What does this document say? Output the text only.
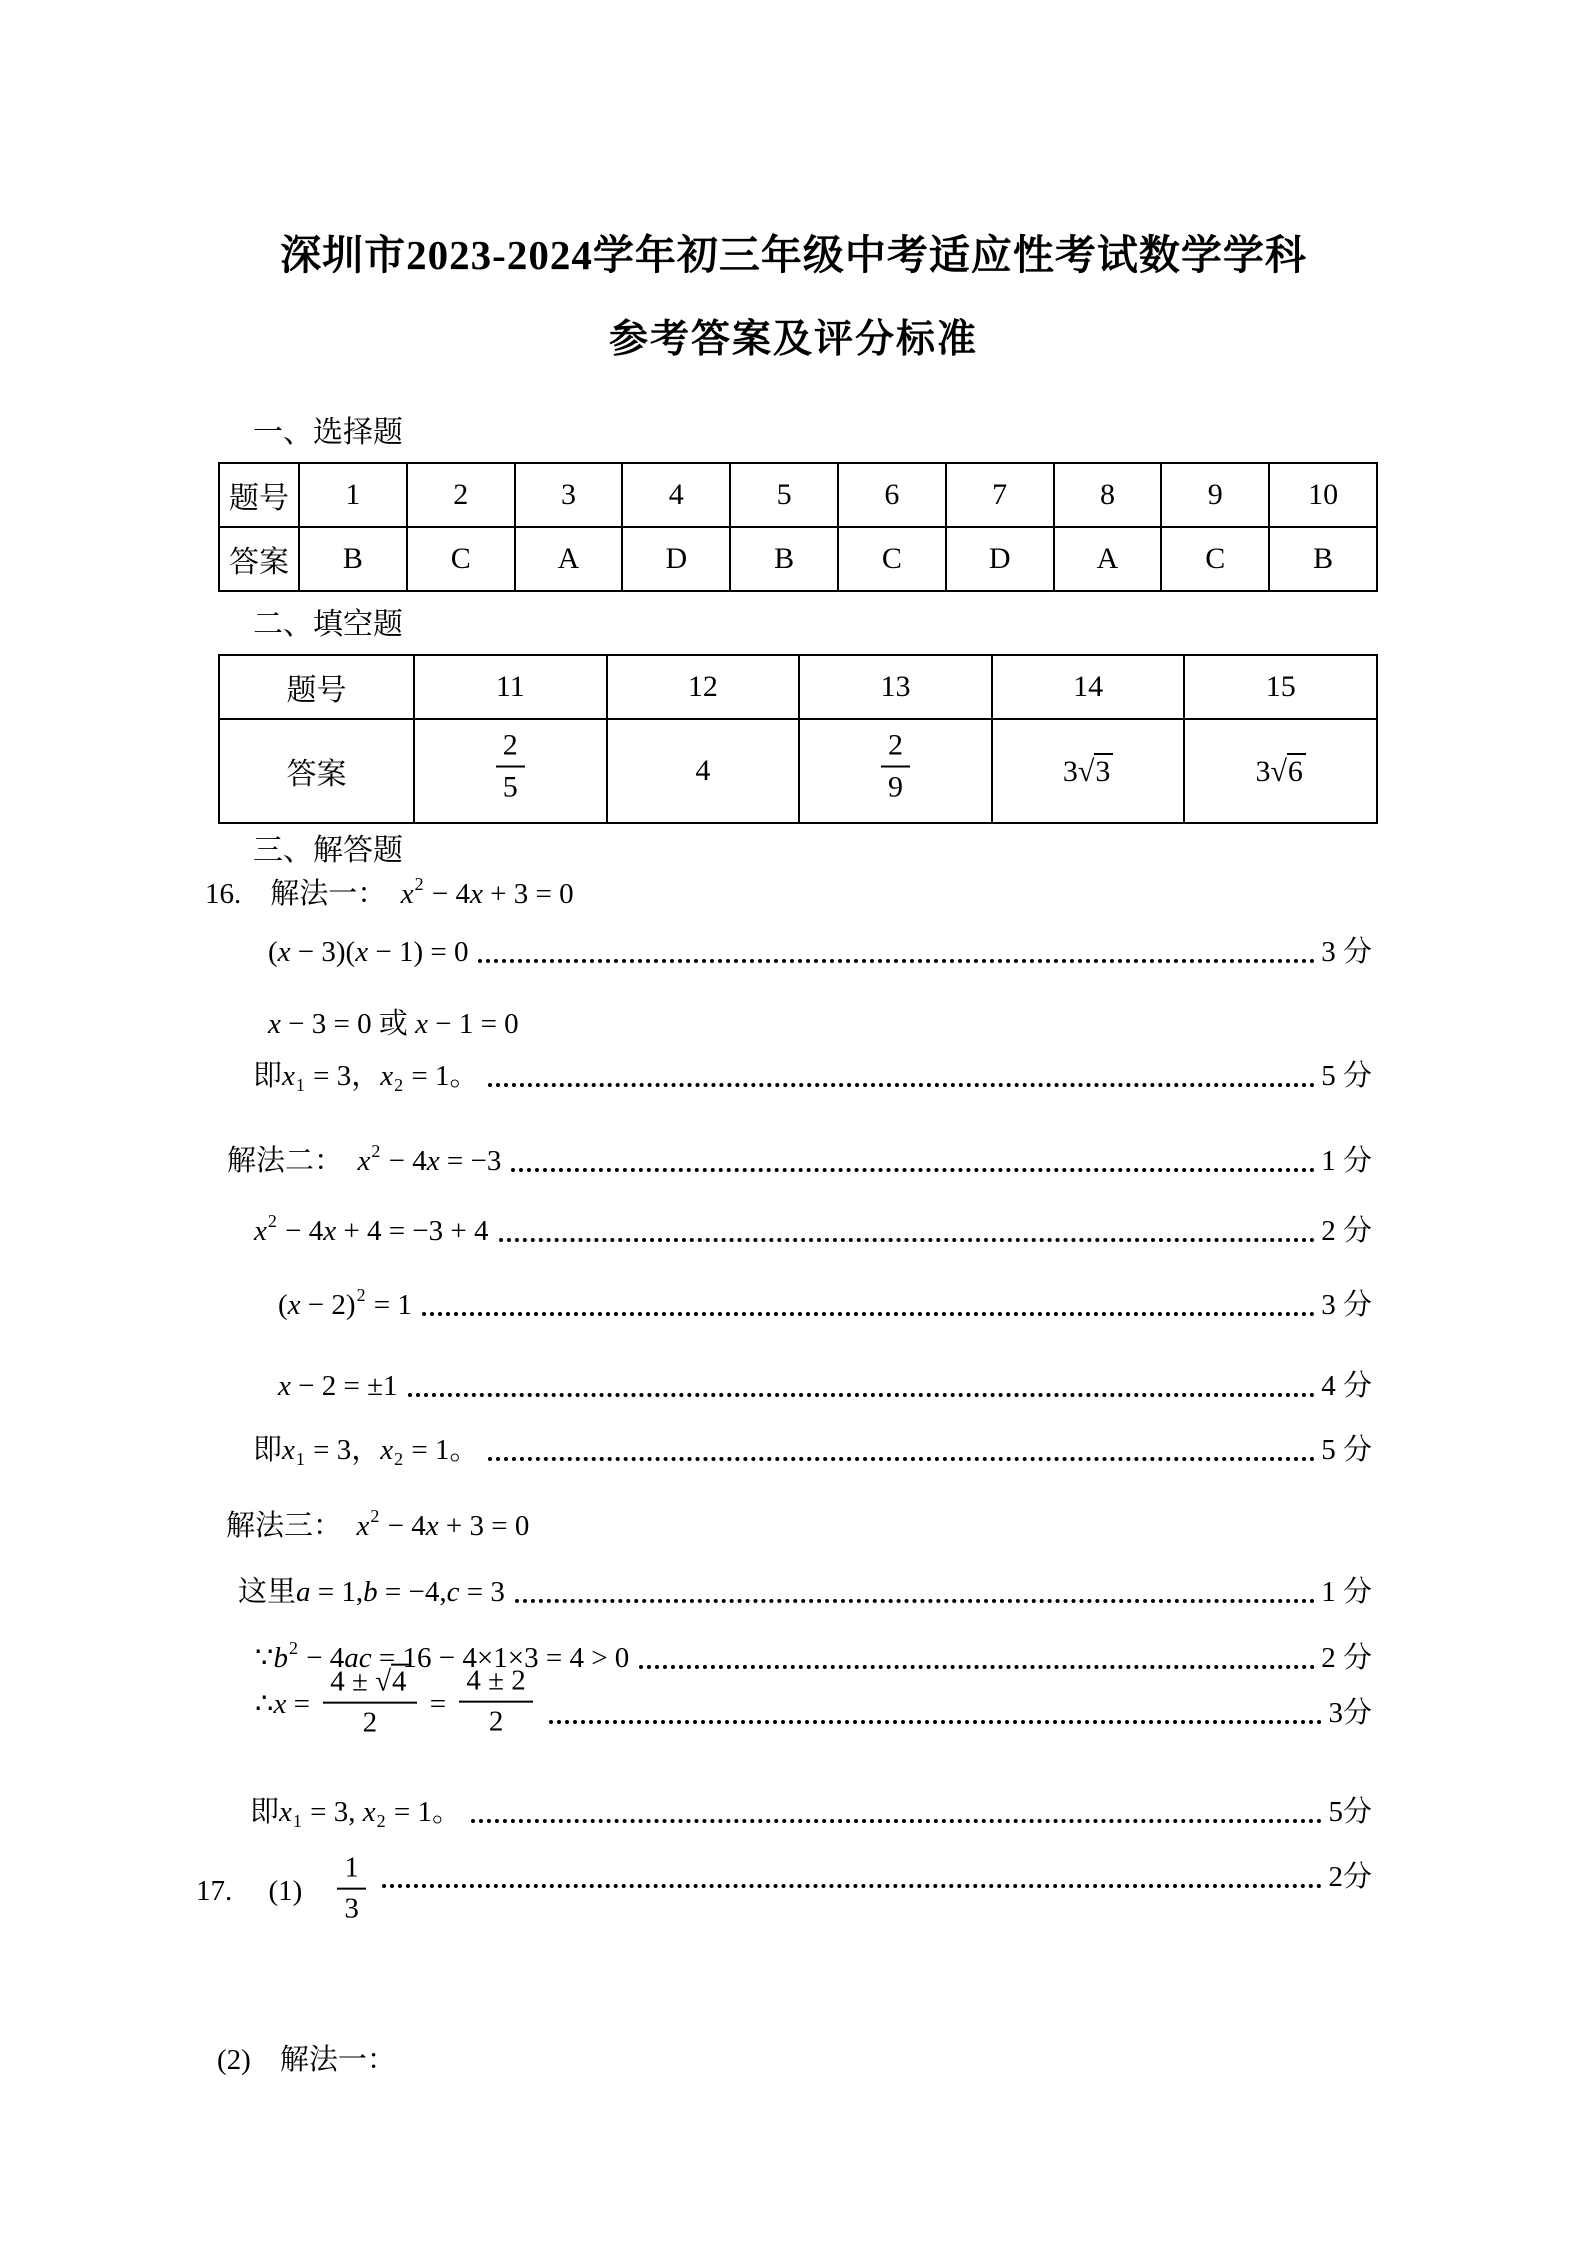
深圳市2023-2024学年初三年级中考适应性考试数学学科
参考答案及评分标准
一、选择题
题号	1	2	3	4	5	6	7	8	9	10
答案	B	C	A	D	B	C	D	A	C	B
二、填空题
题号	11	12	13	14	15
答案	$\frac{2}{5}$	4	$\frac{2}{9}$	3√3	3√6
三、解答题
16.　解法一：　$x^2 - 4x + 3 = 0$
(x − 3)(x − 1) = 0	3 分
x − 3 = 0 或 x − 1 = 0
即x1 = 3，x2 = 1。	5 分
解法二：　$x^2 - 4x = -3$	1 分
$x^2 - 4x + 4 = -3 + 4$	2 分
$(x - 2)^2 = 1$	3 分
x − 2 = ±1	4 分
即x1 = 3，x2 = 1。	5 分
解法三：　$x^2 - 4x + 3 = 0$
这里a = 1,b = −4,c = 3	1 分
$\because b^2 - 4ac = 16 - 4\times 1\times 3 = 4 > 0$	2 分
∴x = $\frac{4 \pm √4}{2} = \frac{4 \pm 2}{2}$	3分
即x1 = 3, x2 = 1。	5分
17.　 (1)　 $\frac{1}{3}$	2分
(2)　解法一：
